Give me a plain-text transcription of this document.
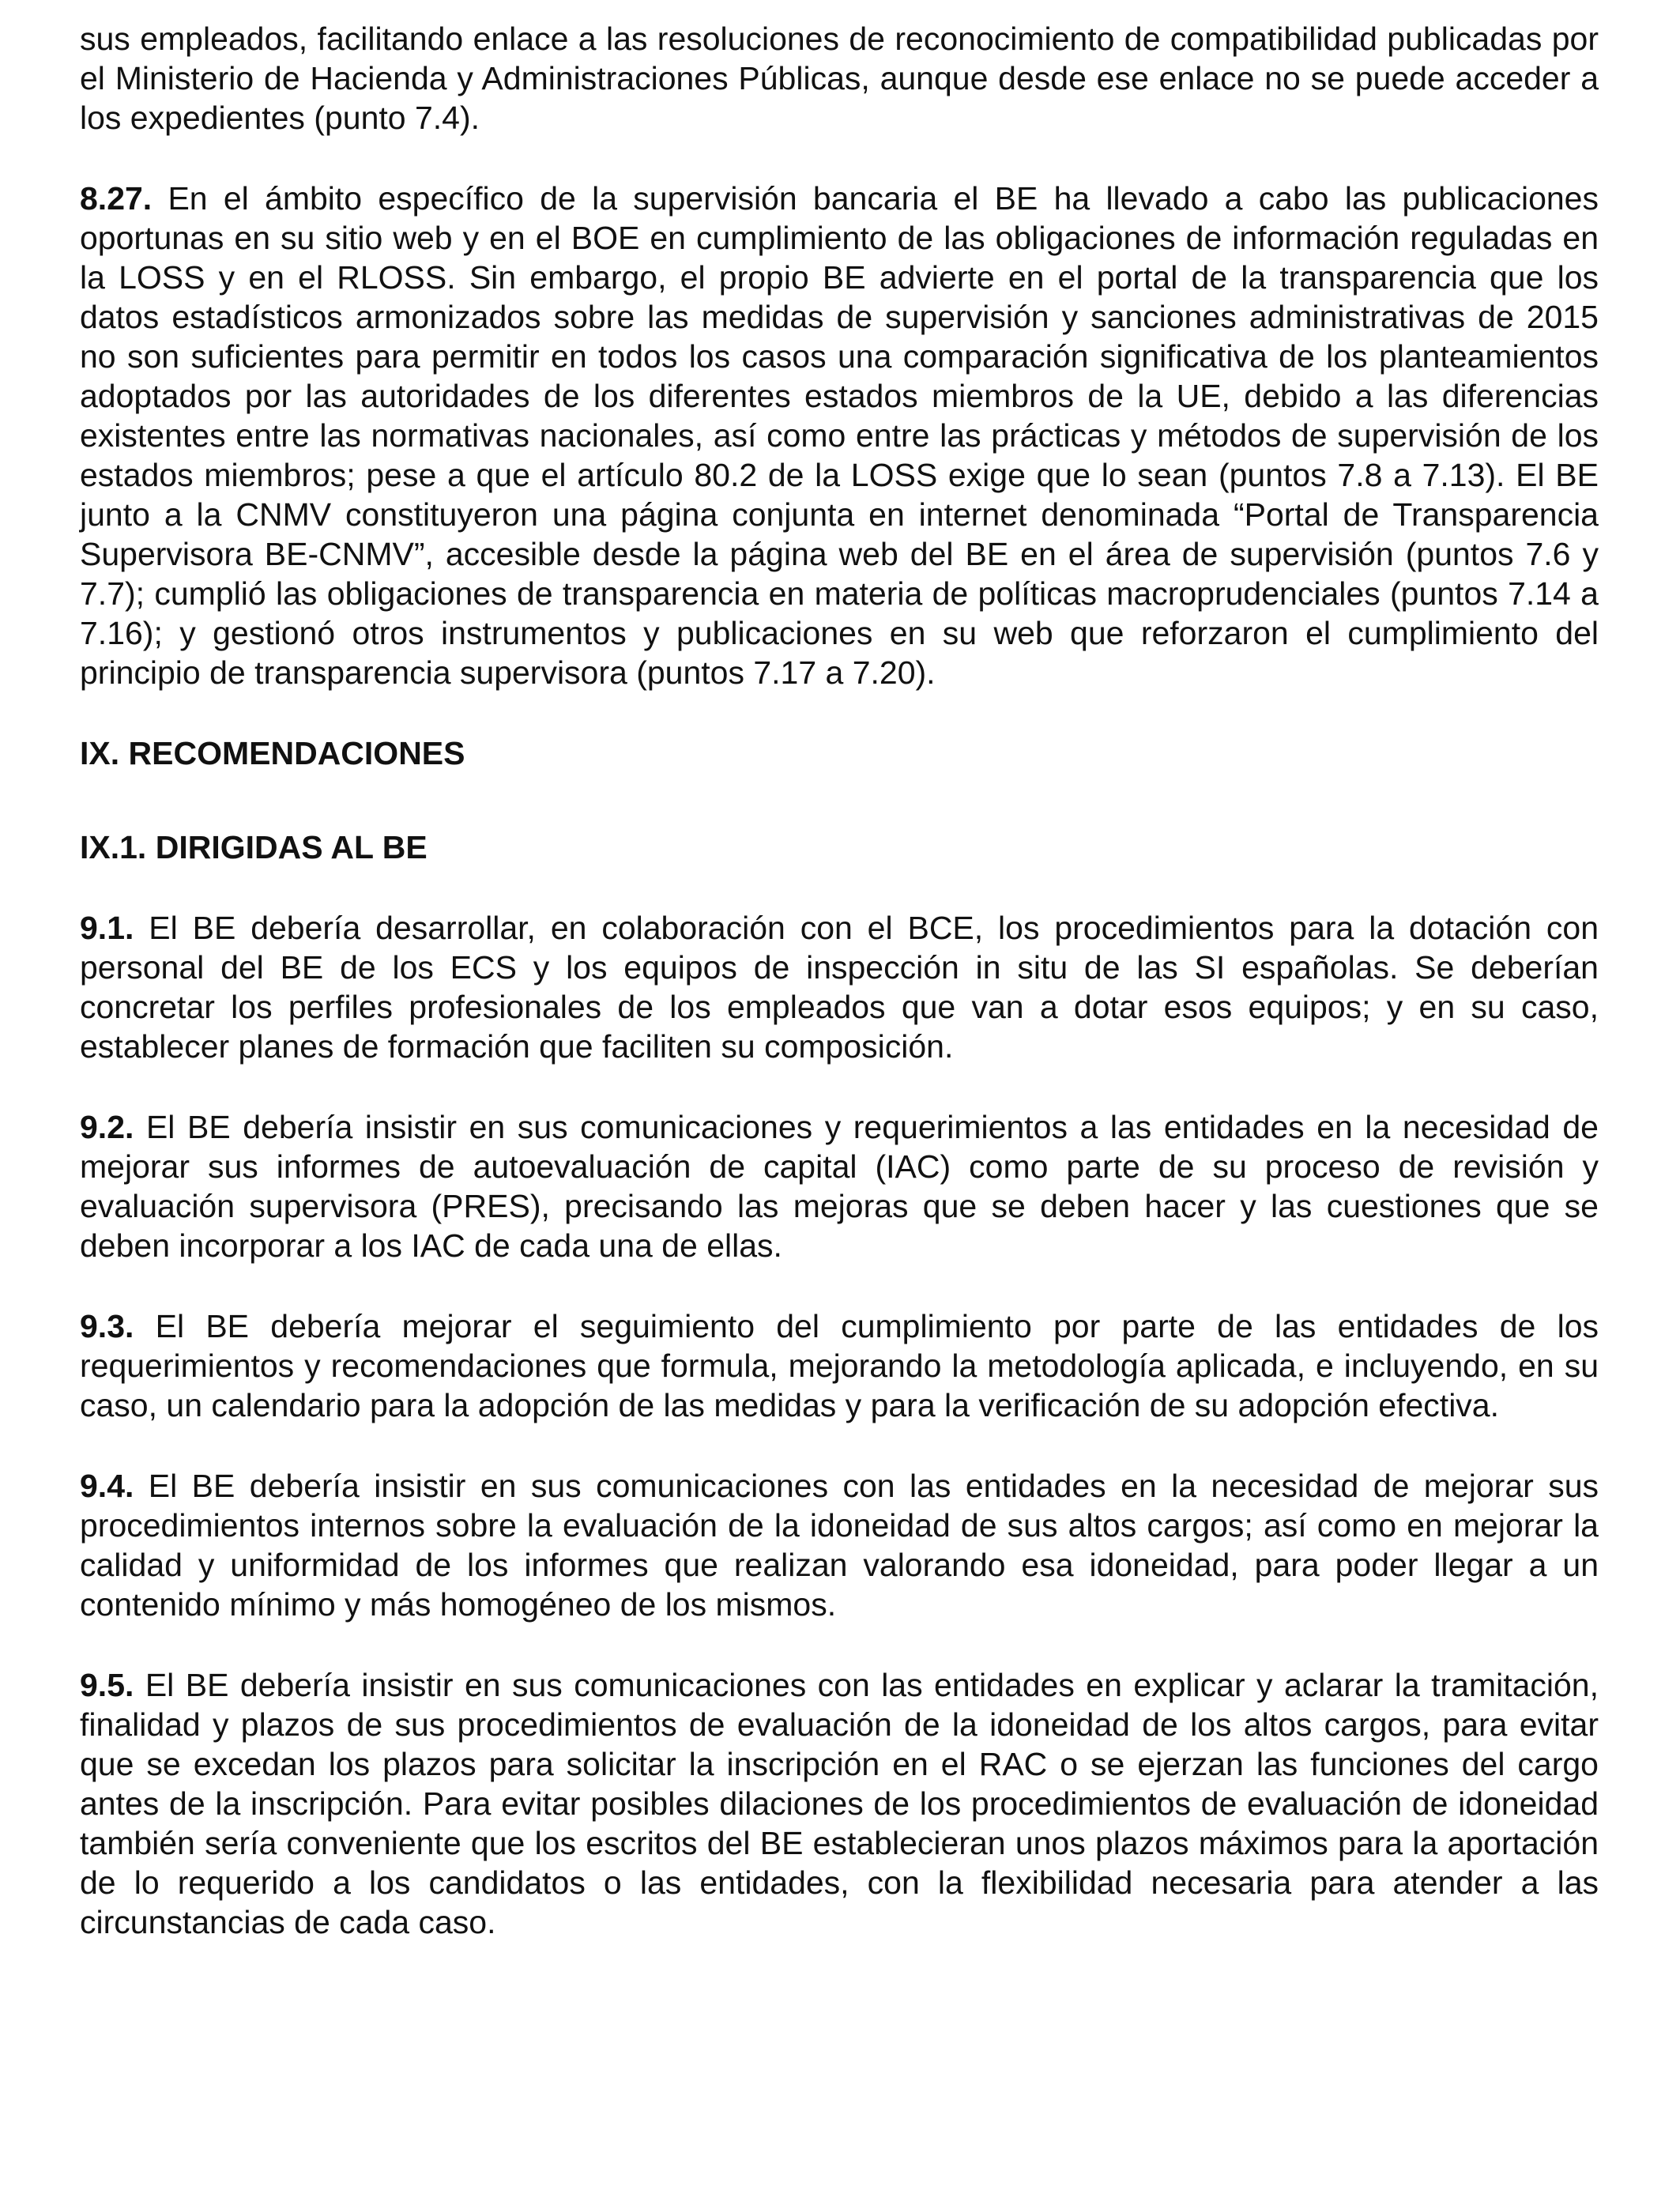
sus empleados, facilitando enlace a las resoluciones de reconocimiento de compatibilidad publicadas por el Ministerio de Hacienda y Administraciones Públicas, aunque desde ese enlace no se puede acceder a los expedientes (punto 7.4).

8.27. En el ámbito específico de la supervisión bancaria el BE ha llevado a cabo las publicaciones oportunas en su sitio web y en el BOE en cumplimiento de las obligaciones de información reguladas en la LOSS y en el RLOSS. Sin embargo, el propio BE advierte en el portal de la transparencia que los datos estadísticos armonizados sobre las medidas de supervisión y sanciones administrativas de 2015 no son suficientes para permitir en todos los casos una comparación significativa de los planteamientos adoptados por las autoridades de los diferentes estados miembros de la UE, debido a las diferencias existentes entre las normativas nacionales, así como entre las prácticas y métodos de supervisión de los estados miembros; pese a que el artículo 80.2 de la LOSS exige que lo sean (puntos 7.8 a 7.13). El BE junto a la CNMV constituyeron una página conjunta en internet denominada “Portal de Transparencia Supervisora BE-CNMV”, accesible desde la página web del BE en el área de supervisión (puntos 7.6 y 7.7); cumplió las obligaciones de transparencia en materia de políticas macroprudenciales (puntos 7.14 a 7.16); y gestionó otros instrumentos y publicaciones en su web que reforzaron el cumplimiento del principio de transparencia supervisora (puntos 7.17 a 7.20).

IX. RECOMENDACIONES
IX.1. DIRIGIDAS AL BE

9.1. El BE debería desarrollar, en colaboración con el BCE, los procedimientos para la dotación con personal del BE de los ECS y los equipos de inspección in situ de las SI españolas. Se deberían concretar los perfiles profesionales de los empleados que van a dotar esos equipos; y en su caso, establecer planes de formación que faciliten su composición.

9.2. El BE debería insistir en sus comunicaciones y requerimientos a las entidades en la necesidad de mejorar sus informes de autoevaluación de capital (IAC) como parte de su proceso de revisión y evaluación supervisora (PRES), precisando las mejoras que se deben hacer y las cuestiones que se deben incorporar a los IAC de cada una de ellas.

9.3. El BE debería mejorar el seguimiento del cumplimiento por parte de las entidades de los requerimientos y recomendaciones que formula, mejorando la metodología aplicada, e incluyendo, en su caso, un calendario para la adopción de las medidas y para la verificación de su adopción efectiva.

9.4. El BE debería insistir en sus comunicaciones con las entidades en la necesidad de mejorar sus procedimientos internos sobre la evaluación de la idoneidad de sus altos cargos; así como en mejorar la calidad y uniformidad de los informes que realizan valorando esa idoneidad, para poder llegar a un contenido mínimo y más homogéneo de los mismos.

9.5. El BE debería insistir en sus comunicaciones con las entidades en explicar y aclarar la tramitación, finalidad y plazos de sus procedimientos de evaluación de la idoneidad de los altos cargos, para evitar que se excedan los plazos para solicitar la inscripción en el RAC o se ejerzan las funciones del cargo antes de la inscripción. Para evitar posibles dilaciones de los procedimientos de evaluación de idoneidad también sería conveniente que los escritos del BE establecieran unos plazos máximos para la aportación de lo requerido a los candidatos o las entidades, con la flexibilidad necesaria para atender a las circunstancias de cada caso.
